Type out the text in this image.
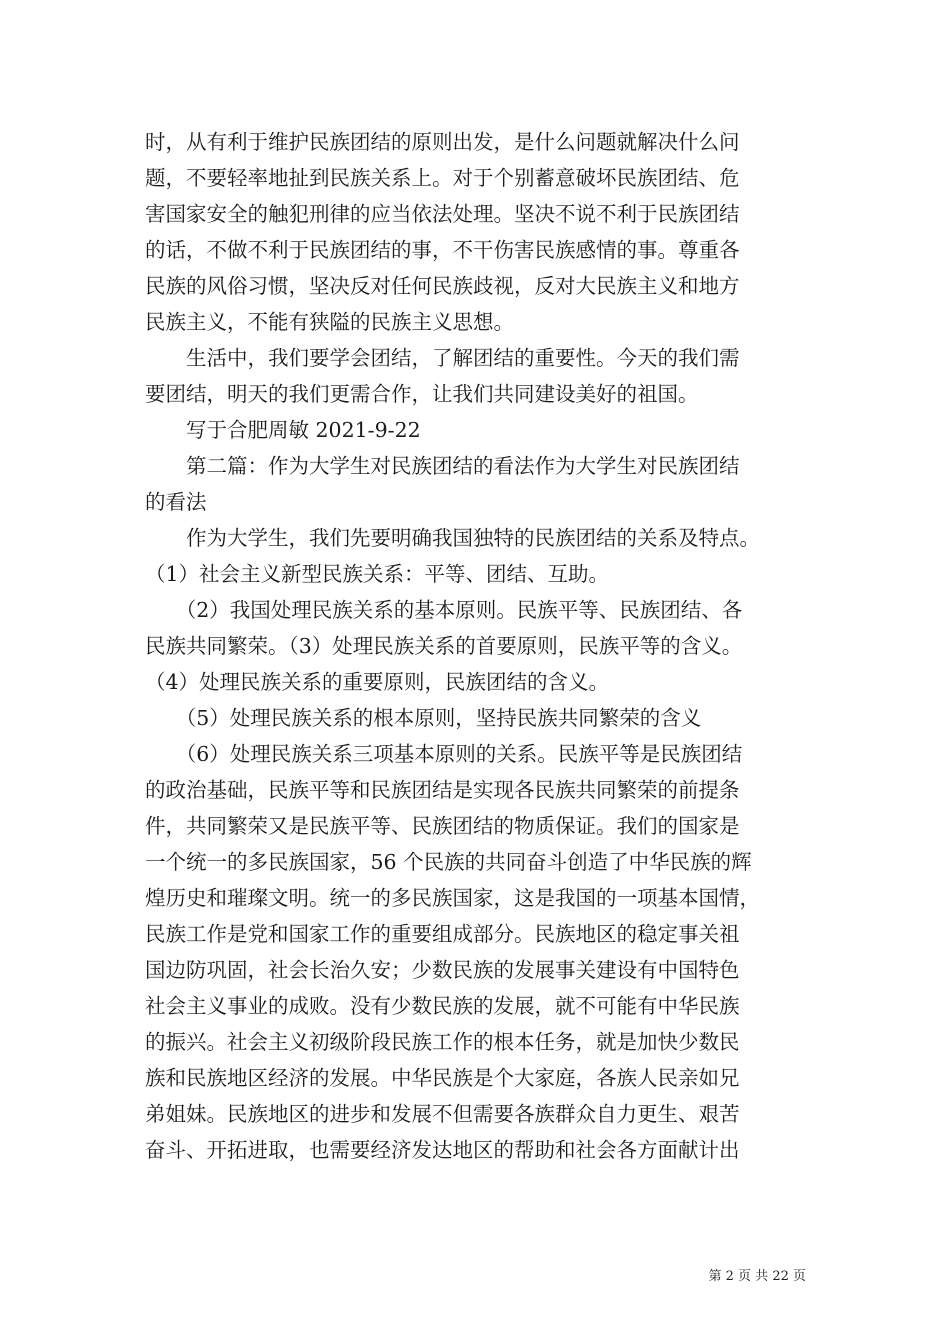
时，从有利于维护民族团结的原则出发，是什么问题就解决什么问
题，不要轻率地扯到民族关系上。对于个别蓄意破坏民族团结、危
害国家安全的触犯刑律的应当依法处理。坚决不说不利于民族团结
的话，不做不利于民族团结的事，不干伤害民族感情的事。尊重各
民族的风俗习惯，坚决反对任何民族歧视，反对大民族主义和地方
民族主义，不能有狭隘的民族主义思想。
　　生活中，我们要学会团结，了解团结的重要性。今天的我们需
要团结，明天的我们更需合作，让我们共同建设美好的祖国。
　　写于合肥周敏 2021-9-22
　　第二篇：作为大学生对民族团结的看法作为大学生对民族团结
的看法
　　作为大学生，我们先要明确我国独特的民族团结的关系及特点。
（1）社会主义新型民族关系：平等、团结、互助。
　　（2）我国处理民族关系的基本原则。民族平等、民族团结、各
民族共同繁荣。（3）处理民族关系的首要原则，民族平等的含义。
（4）处理民族关系的重要原则，民族团结的含义。
　　（5）处理民族关系的根本原则，坚持民族共同繁荣的含义
　　（6）处理民族关系三项基本原则的关系。民族平等是民族团结
的政治基础，民族平等和民族团结是实现各民族共同繁荣的前提条
件，共同繁荣又是民族平等、民族团结的物质保证。我们的国家是
一个统一的多民族国家，56 个民族的共同奋斗创造了中华民族的辉
煌历史和璀璨文明。统一的多民族国家，这是我国的一项基本国情，
民族工作是党和国家工作的重要组成部分。民族地区的稳定事关祖
国边防巩固，社会长治久安；少数民族的发展事关建设有中国特色
社会主义事业的成败。没有少数民族的发展，就不可能有中华民族
的振兴。社会主义初级阶段民族工作的根本任务，就是加快少数民
族和民族地区经济的发展。中华民族是个大家庭，各族人民亲如兄
弟姐妹。民族地区的进步和发展不但需要各族群众自力更生、艰苦
奋斗、开拓进取，也需要经济发达地区的帮助和社会各方面献计出
第 2 页 共 22 页
